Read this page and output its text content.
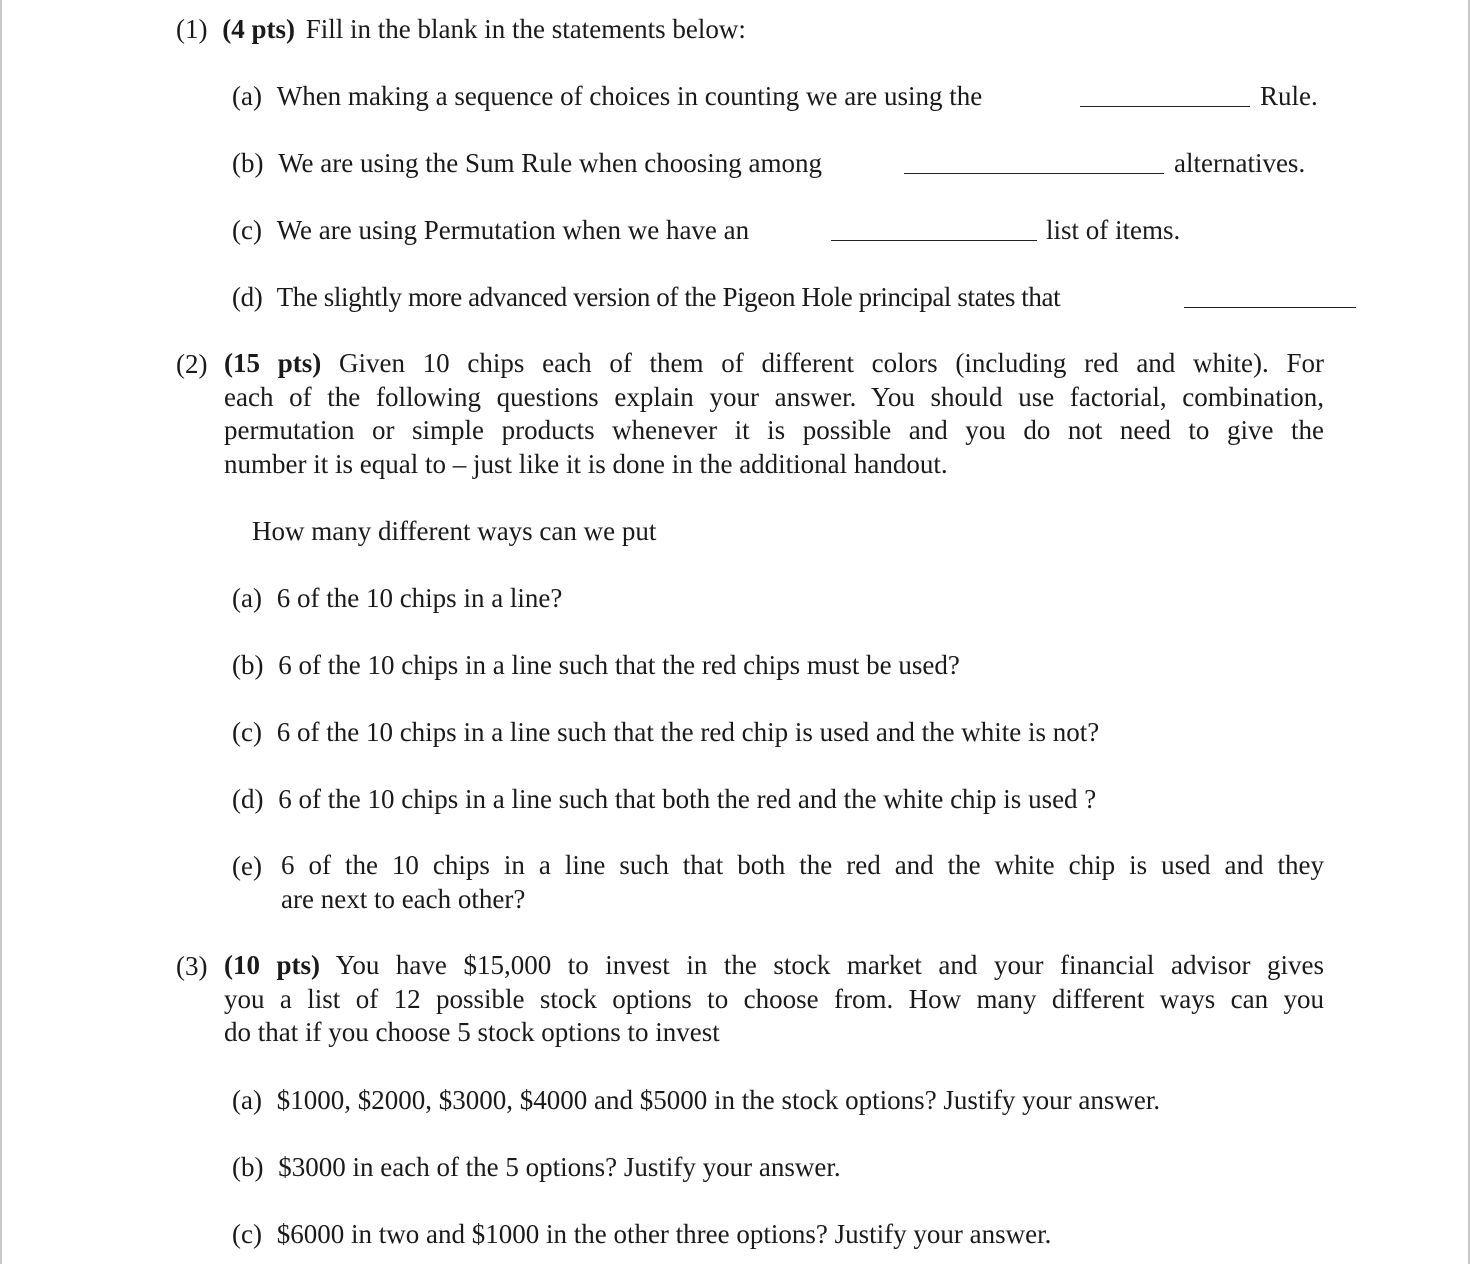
(1) (4 pts) Fill in the blank in the statements below:
(a) When making a sequence of choices in counting we are using the	Rule.
(b) We are using the Sum Rule when choosing among	alternatives.
(c) We are using Permutation when we have an	list of items.
(d) The slightly more advanced version of the Pigeon Hole principal states that
(2) (15 pts) Given 10 chips each of them of different colors (including red and white). For
each of the following questions explain your answer. You should use factorial, combination,
permutation or simple products whenever it is possible and you do not need to give the
number it is equal to – just like it is done in the additional handout.
How many different ways can we put
(a) 6 of the 10 chips in a line?
(b) 6 of the 10 chips in a line such that the red chips must be used?
(c) 6 of the 10 chips in a line such that the red chip is used and the white is not?
(d) 6 of the 10 chips in a line such that both the red and the white chip is used ?
(e) 6 of the 10 chips in a line such that both the red and the white chip is used and they
are next to each other?
(3) (10 pts) You have $15,000 to invest in the stock market and your financial advisor gives
you a list of 12 possible stock options to choose from. How many different ways can you
do that if you choose 5 stock options to invest
(a) $1000, $2000, $3000, $4000 and $5000 in the stock options? Justify your answer.
(b) $3000 in each of the 5 options? Justify your answer.
(c) $6000 in two and $1000 in the other three options? Justify your answer.
